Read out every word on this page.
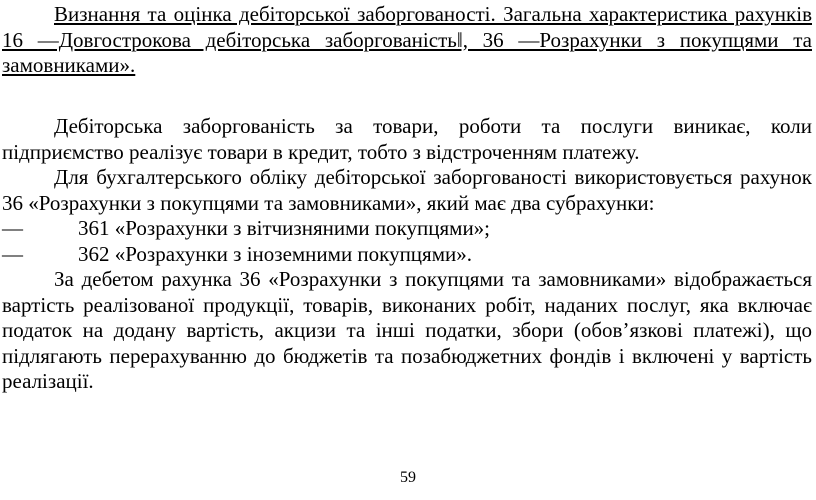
Визнання та оцінка дебіторської заборгованості. Загальна характеристика рахунків 16 ―Довгострокова дебіторська заборгованість‖, 36 ―Розрахунки з покупцями та замовниками».

Дебіторська заборгованість за товари, роботи та послуги виникає, коли підприємство реалізує товари в кредит, тобто з відстроченням платежу.

Для бухгалтерського обліку дебіторської заборгованості використовується рахунок 36 «Розрахунки з покупцями та замовниками», який має два субрахунки:

―	361 «Розрахунки з вітчизняними покупцями»;
―	362 «Розрахунки з іноземними покупцями».

За дебетом рахунка 36 «Розрахунки з покупцями та замовниками» відображається вартість реалізованої продукції, товарів, виконаних робіт, наданих послуг, яка включає податок на додану вартість, акцизи та інші податки, збори (обов’язкові платежі), що підлягають перерахуванню до бюджетів та позабюджетних фондів і включені у вартість реалізації.

59
